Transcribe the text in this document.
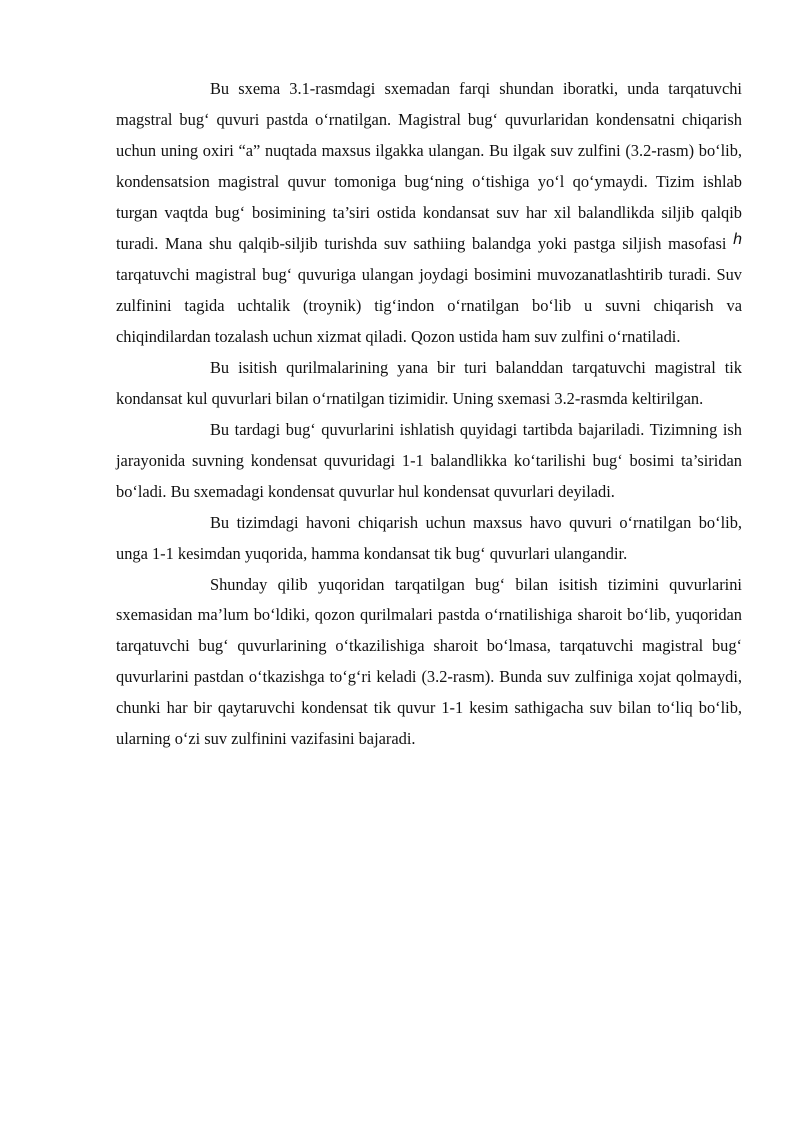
Bu sxema 3.1-rasmdagi sxemadan farqi shundan iboratki, unda tarqatuvchi magstral bug‘ quvuri pastda o‘rnatilgan. Magistral bug‘ quvurlaridan kondensatni chiqarish uchun uning oxiri “a” nuqtada maxsus ilgakka ulangan. Bu ilgak suv zulfini (3.2-rasm) bo‘lib, kondensatsion magistral quvur tomoniga bug‘ning o‘tishiga yo‘l qo‘ymaydi. Tizim ishlab turgan vaqtda bug‘ bosimining ta’siri ostida kondansat suv har xil balandlikda siljib qalqib turadi. Mana shu qalqib-siljib turishda suv sathiing balandga yoki pastga siljish masofasi h tarqatuvchi magistral bug‘ quvuriga ulangan joydagi bosimini muvozanatlashtirib turadi. Suv zulfinini tagida uchtalik (troynik) tig‘indon o‘rnatilgan bo‘lib u suvni chiqarish va chiqindilardan tozalash uchun xizmat qiladi. Qozon ustida ham suv zulfini o‘rnatiladi.

Bu isitish qurilmalarining yana bir turi balanddan tarqatuvchi magistral tik kondansat kul quvurlari bilan o‘rnatilgan tizimidir. Uning sxemasi 3.2-rasmda keltirilgan.

Bu tardagi bug‘ quvurlarini ishlatish quyidagi tartibda bajariladi. Tizimning ish jarayonida suvning kondensat quvuridagi 1-1 balandlikka ko‘tarilishi bug‘ bosimi ta’siridan bo‘ladi. Bu sxemadagi kondensat quvurlar hul kondensat quvurlari deyiladi.

Bu tizimdagi havoni chiqarish uchun maxsus havo quvuri o‘rnatilgan bo‘lib, unga 1-1 kesimdan yuqorida, hamma kondansat tik bug‘ quvurlari ulangandir.

Shunday qilib yuqoridan tarqatilgan bug‘ bilan isitish tizimini quvurlarini sxemasidan ma’lum bo‘ldiki, qozon qurilmalari pastda o‘rnatilishiga sharoit bo‘lib, yuqoridan tarqatuvchi bug‘ quvurlarining o‘tkazilishiga sharoit bo‘lmasa, tarqatuvchi magistral bug‘ quvurlarini pastdan o‘tkazishga to‘g‘ri keladi (3.2-rasm). Bunda suv zulfiniga xojat qolmaydi, chunki har bir qaytaruvchi kondensat tik quvur 1-1 kesim sathigacha suv bilan to‘liq bo‘lib, ularning o‘zi suv zulfinini vazifasini bajaradi.
